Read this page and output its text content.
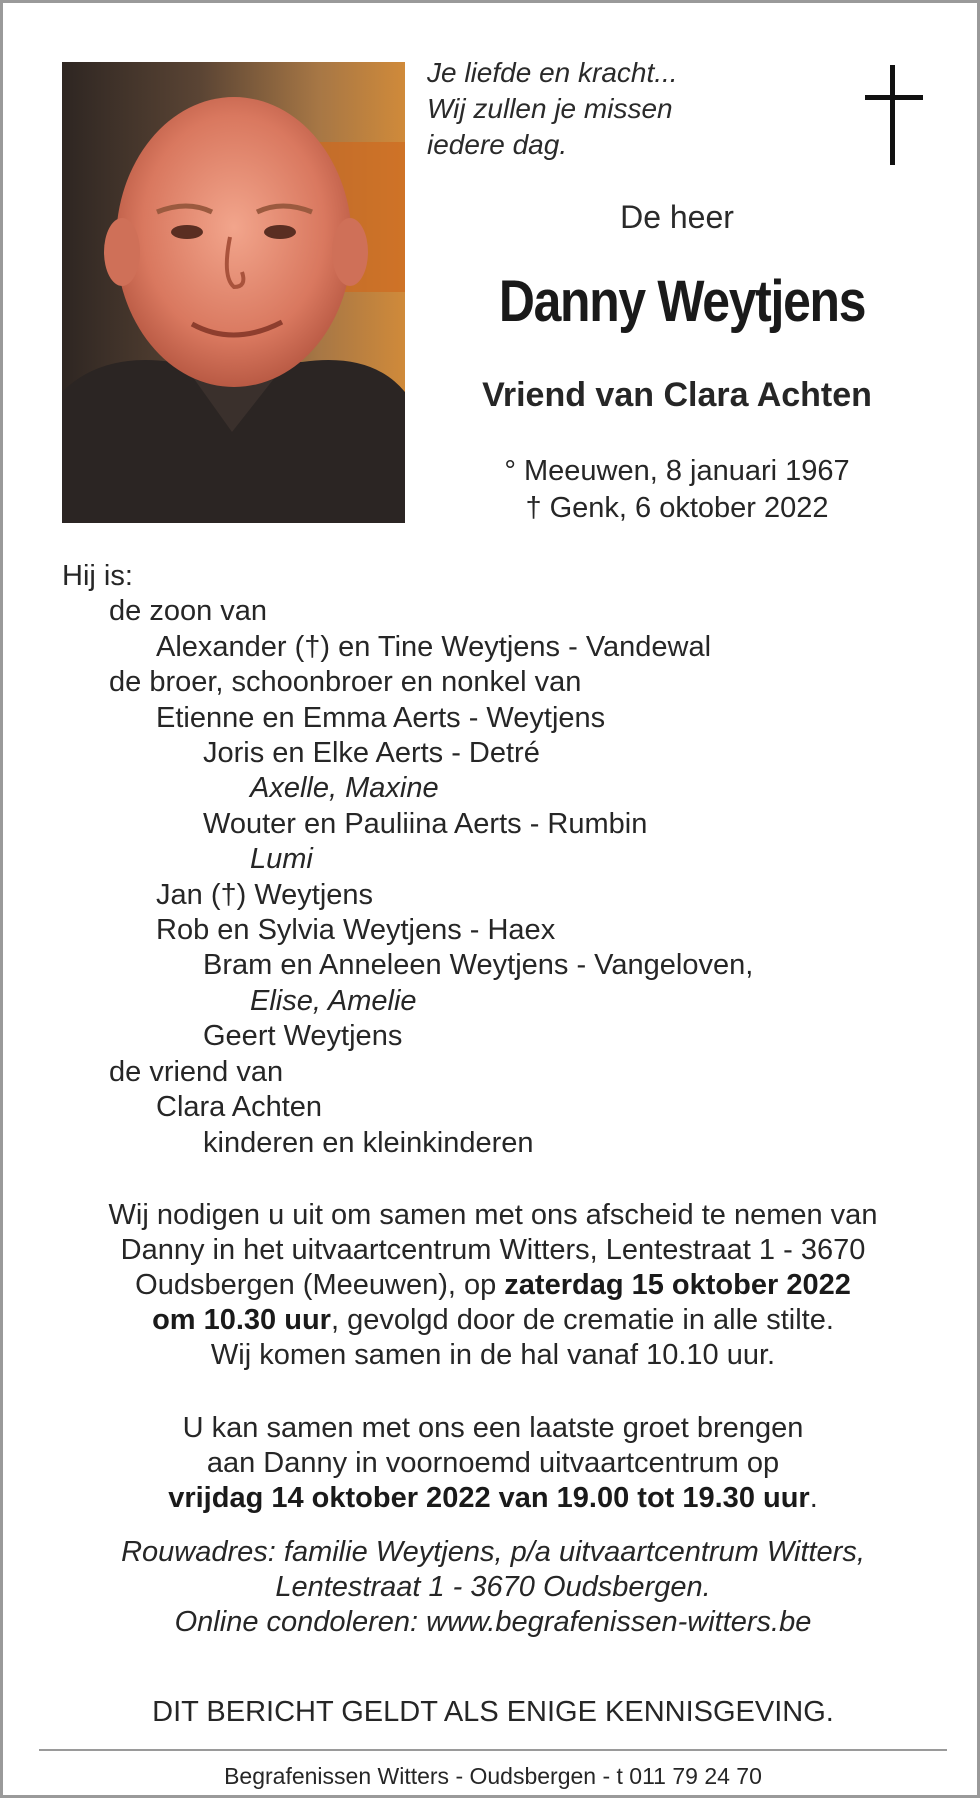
Je liefde en kracht...
Wij zullen je missen
iedere dag.
De heer
Danny Weytjens
Vriend van Clara Achten
° Meeuwen, 8 januari 1967
† Genk, 6 oktober 2022
Hij is:
de zoon van
Alexander (†) en Tine Weytjens - Vandewal
de broer, schoonbroer en nonkel van
Etienne en Emma Aerts - Weytjens
Joris en Elke Aerts - Detré
Axelle, Maxine
Wouter en Pauliina Aerts - Rumbin
Lumi
Jan (†) Weytjens
Rob en Sylvia Weytjens - Haex
Bram en Anneleen Weytjens - Vangeloven,
Elise, Amelie
Geert Weytjens
de vriend van
Clara Achten
kinderen en kleinkinderen
Wij nodigen u uit om samen met ons afscheid te nemen van
Danny in het uitvaartcentrum Witters, Lentestraat 1 - 3670
Oudsbergen (Meeuwen), op zaterdag 15 oktober 2022
om 10.30 uur, gevolgd door de crematie in alle stilte.
Wij komen samen in de hal vanaf 10.10 uur.
U kan samen met ons een laatste groet brengen
aan Danny in voornoemd uitvaartcentrum op
vrijdag 14 oktober 2022 van 19.00 tot 19.30 uur.
Rouwadres: familie Weytjens, p/a uitvaartcentrum Witters,
Lentestraat 1 - 3670 Oudsbergen.
Online condoleren: www.begrafenissen-witters.be
DIT BERICHT GELDT ALS ENIGE KENNISGEVING.
Begrafenissen Witters - Oudsbergen - t 011 79 24 70
